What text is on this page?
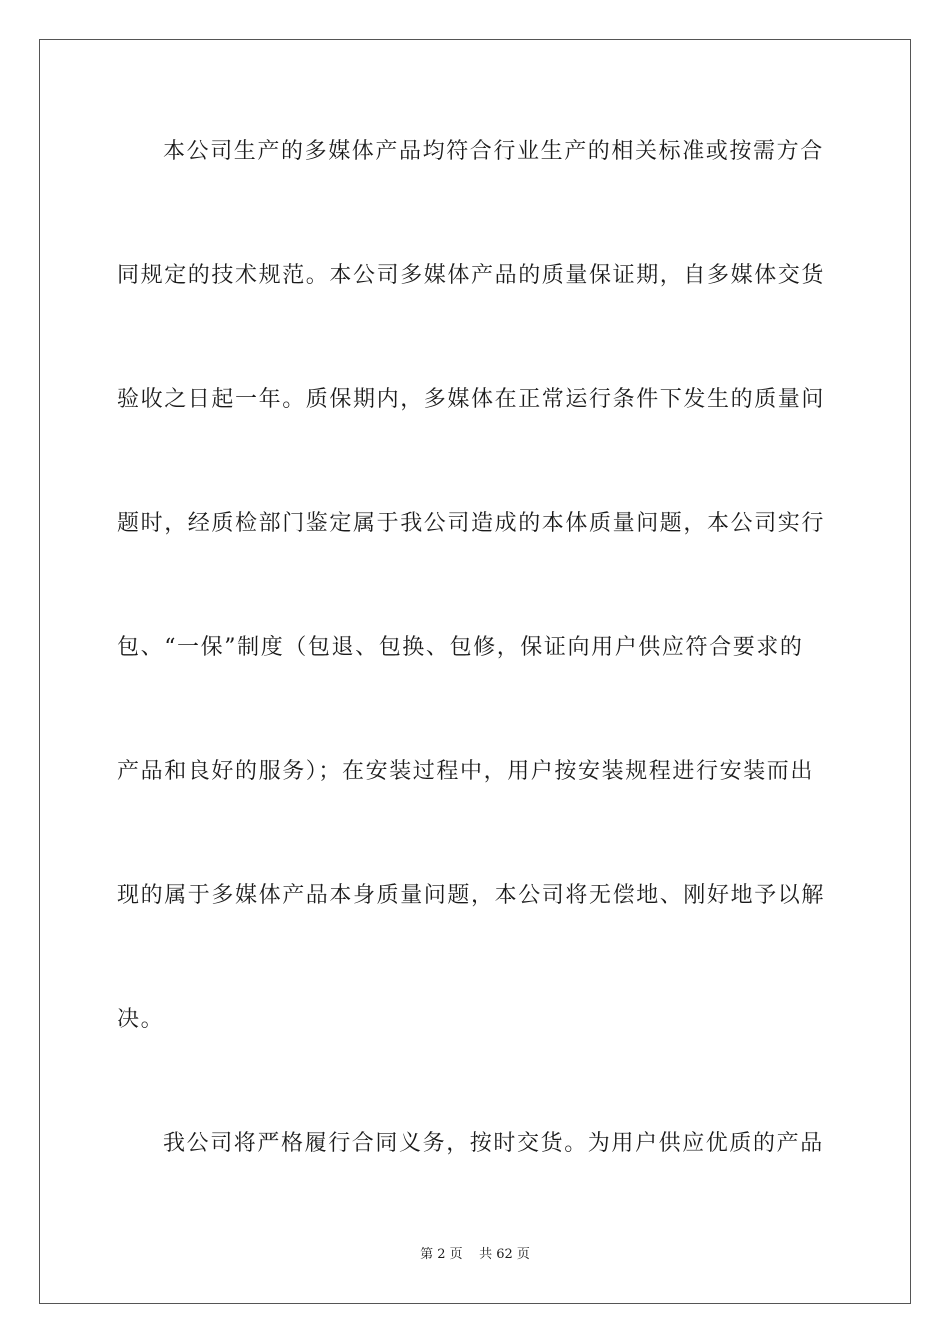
本公司生产的多媒体产品均符合行业生产的相关标准或按需方合
同规定的技术规范。本公司多媒体产品的质量保证期，自多媒体交货
验收之日起一年。质保期内，多媒体在正常运行条件下发生的质量问
题时，经质检部门鉴定属于我公司造成的本体质量问题，本公司实行
包、“一保”制度（包退、包换、包修，保证向用户供应符合要求的
产品和良好的服务）；在安装过程中，用户按安装规程进行安装而出
现的属于多媒体产品本身质量问题，本公司将无偿地、刚好地予以解
决。
我公司将严格履行合同义务，按时交货。为用户供应优质的产品
第 2 页    共 62 页
